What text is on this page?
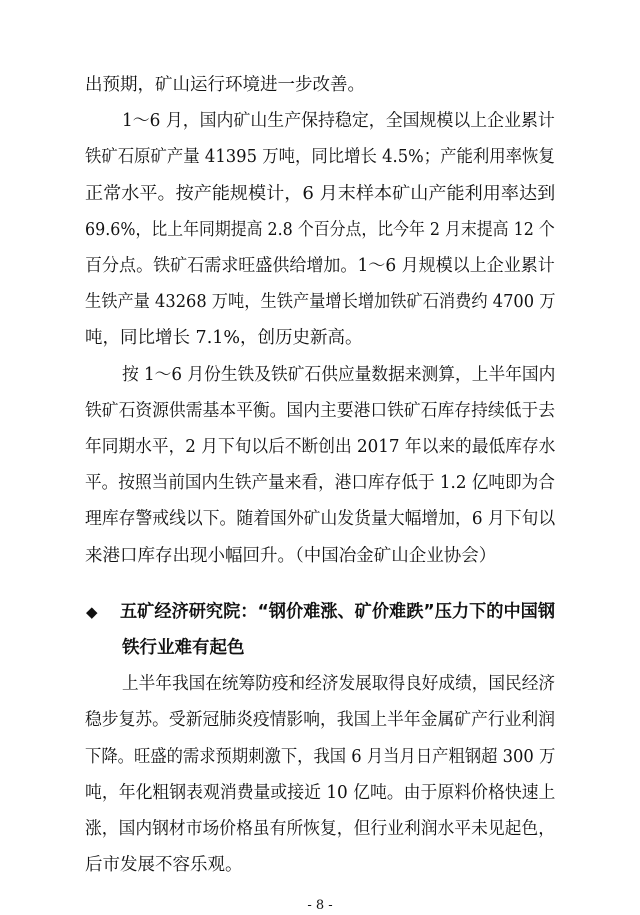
出预期，矿山运行环境进一步改善。
1～6 月，国内矿山生产保持稳定，全国规模以上企业累计
铁矿石原矿产量 41395 万吨，同比增长 4.5%；产能利用率恢复
正常水平。按产能规模计，6 月末样本矿山产能利用率达到
69.6%，比上年同期提高 2.8 个百分点，比今年 2 月末提高 12 个
百分点。铁矿石需求旺盛供给增加。1～6 月规模以上企业累计
生铁产量 43268 万吨，生铁产量增长增加铁矿石消费约 4700 万
吨，同比增长 7.1%，创历史新高。
按 1～6 月份生铁及铁矿石供应量数据来测算，上半年国内
铁矿石资源供需基本平衡。国内主要港口铁矿石库存持续低于去
年同期水平，2 月下旬以后不断创出 2017 年以来的最低库存水
平。按照当前国内生铁产量来看，港口库存低于 1.2 亿吨即为合
理库存警戒线以下。随着国外矿山发货量大幅增加，6 月下旬以
来港口库存出现小幅回升。（中国冶金矿山企业协会）
◆ 五矿经济研究院：“钢价难涨、矿价难跌”压力下的中国钢
铁行业难有起色
上半年我国在统筹防疫和经济发展取得良好成绩，国民经济
稳步复苏。受新冠肺炎疫情影响，我国上半年金属矿产行业利润
下降。旺盛的需求预期刺激下，我国 6 月当月日产粗钢超 300 万
吨，年化粗钢表观消费量或接近 10 亿吨。由于原料价格快速上
涨，国内钢材市场价格虽有所恢复，但行业利润水平未见起色，
后市发展不容乐观。
- 8 -
